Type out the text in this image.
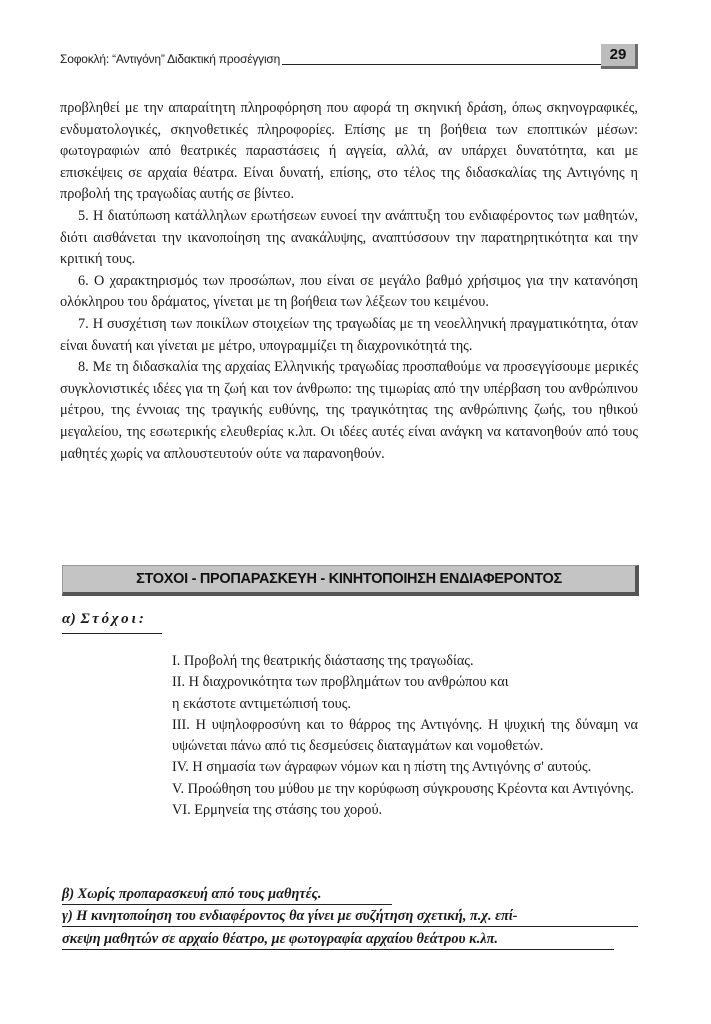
Σοφοκλή: “Αντιγόνη” Διδακτική προσέγγιση	29

προβληθεί με την απαραίτητη πληροφόρηση που αφορά τη σκηνική δράση, όπως σκηνογραφικές, ενδυματολογικές, σκηνοθετικές πληροφορίες. Επίσης με τη βοήθεια των εποπτικών μέσων: φωτογραφιών από θεατρικές παραστάσεις ή αγγεία, αλλά, αν υπάρχει δυνατότητα, και με επισκέψεις σε αρχαία θέατρα. Είναι δυνατή, επίσης, στο τέλος της διδασκαλίας της Αντιγόνης η προβολή της τραγωδίας αυτής σε βίντεο.

5. Η διατύπωση κατάλληλων ερωτήσεων ευνοεί την ανάπτυξη του ενδιαφέροντος των μαθητών, διότι αισθάνεται την ικανοποίηση της ανακάλυψης, αναπτύσσουν την παρατηρητικότητα και την κριτική τους.

6. Ο χαρακτηρισμός των προσώπων, που είναι σε μεγάλο βαθμό χρήσιμος για την κατανόηση ολόκληρου του δράματος, γίνεται με τη βοήθεια των λέξεων του κειμένου.

7. Η συσχέτιση των ποικίλων στοιχείων της τραγωδίας με τη νεοελληνική πραγματικότητα, όταν είναι δυνατή και γίνεται με μέτρο, υπογραμμίζει τη διαχρονικότητά της.

8. Με τη διδασκαλία της αρχαίας Ελληνικής τραγωδίας προσπαθούμε να προσεγγίσουμε μερικές συγκλονιστικές ιδέες για τη ζωή και τον άνθρωπο: της τιμωρίας από την υπέρβαση του ανθρώπινου μέτρου, της έννοιας της τραγικής ευθύνης, της τραγικότητας της ανθρώπινης ζωής, του ηθικού μεγαλείου, της εσωτερικής ελευθερίας κ.λπ. Οι ιδέες αυτές είναι ανάγκη να κατανοηθούν από τους μαθητές χωρίς να απλουστευτούν ούτε να παρανοηθούν.

ΣΤΟΧΟΙ - ΠΡΟΠΑΡΑΣΚΕΥΗ - ΚΙΝΗΤΟΠΟΙΗΣΗ ΕΝΔΙΑΦΕΡΟΝΤΟΣ
α) Στόχοι:

Ι. Προβολή της θεατρικής διάστασης της τραγωδίας.

ΙΙ. Η διαχρονικότητα των προβλημάτων του ανθρώπου και

η εκάστοτε αντιμετώπισή τους.

ΙΙΙ. Η υψηλοφροσύνη και το θάρρος της Αντιγόνης. Η ψυχική της δύναμη να υψώνεται πάνω από τις δεσμεύσεις διαταγμάτων και νομοθετών.

IV. Η σημασία των άγραφων νόμων και η πίστη της Αντιγόνης σ' αυτούς.

V. Προώθηση του μύθου με την κορύφωση σύγκρουσης Κρέοντα και Αντιγόνης.

VI. Ερμηνεία της στάσης του χορού.

β) Χωρίς προπαρασκευή από τους μαθητές.
γ) Η κινητοποίηση του ενδιαφέροντος θα γίνει με συζήτηση σχετική, π.χ. επί-
σκεψη μαθητών σε αρχαίο θέατρο, με φωτογραφία αρχαίου θεάτρου κ.λπ.
